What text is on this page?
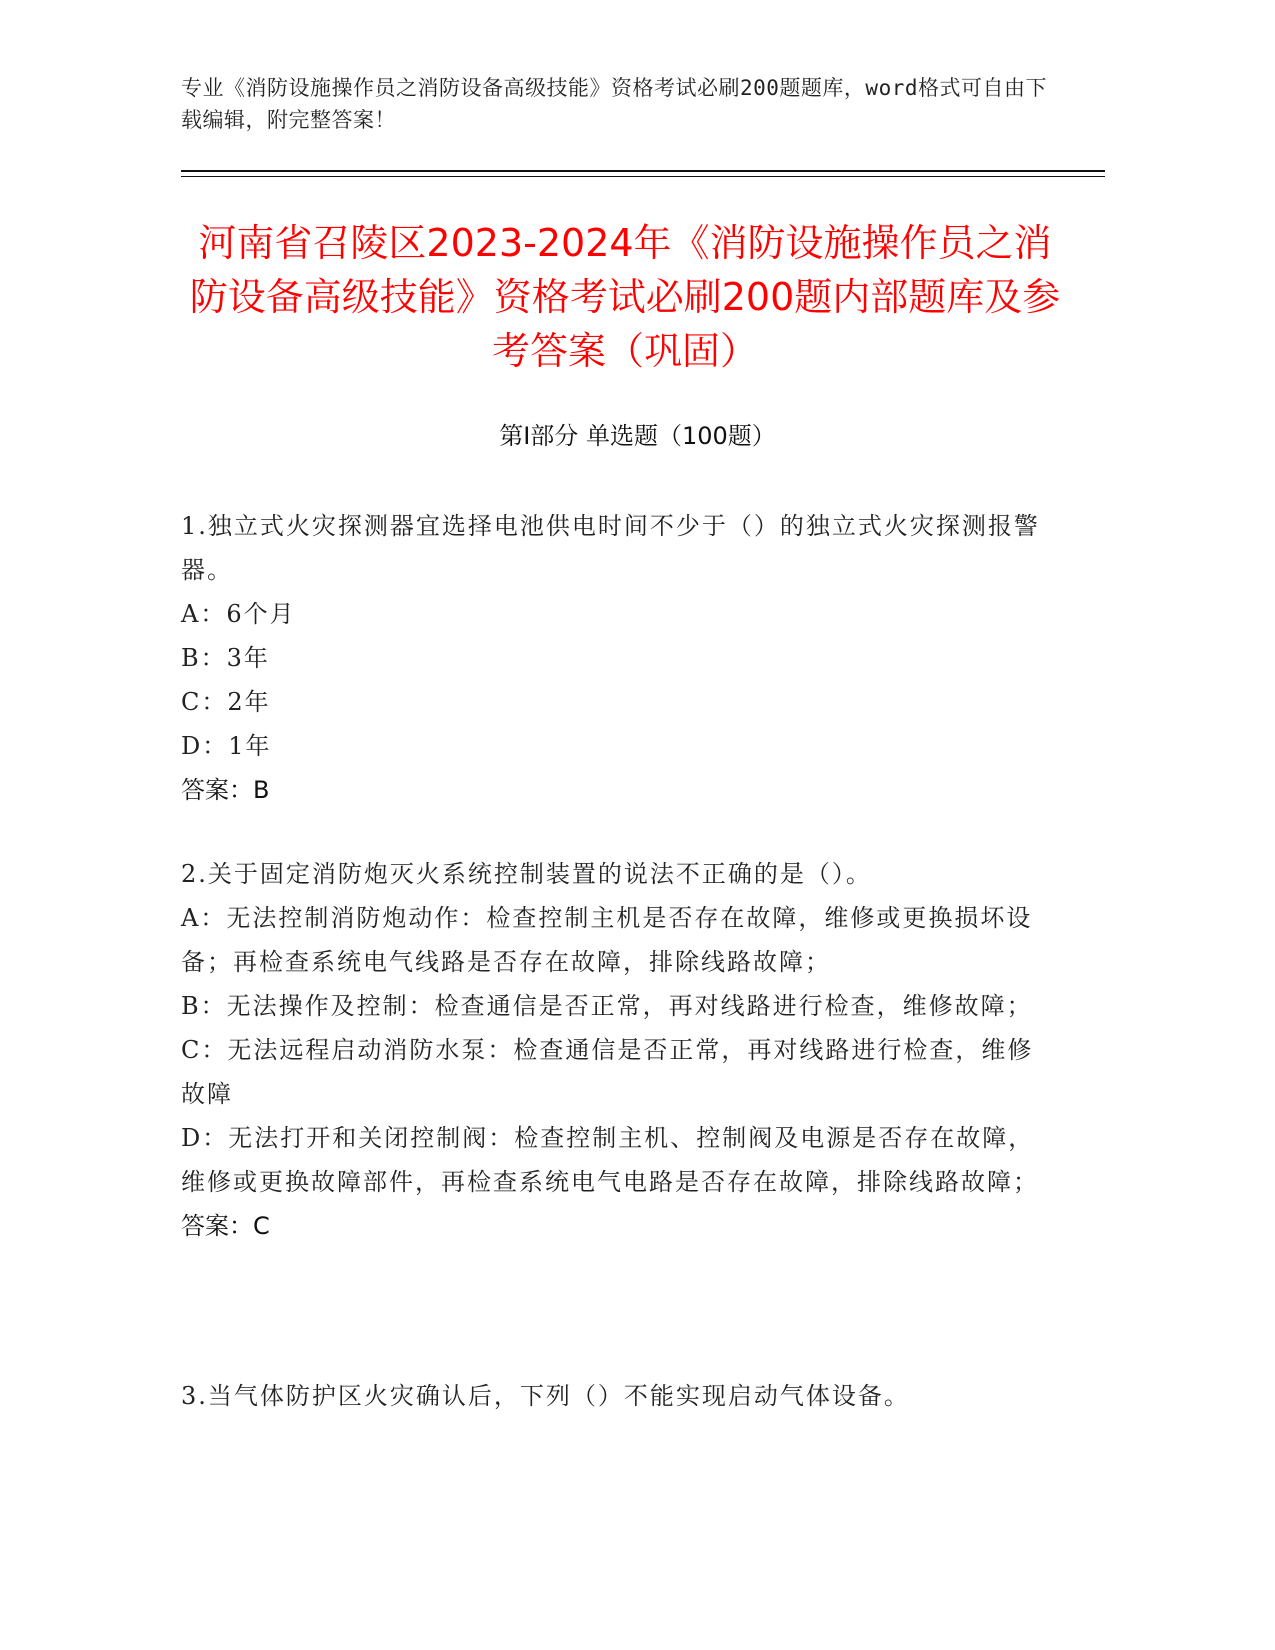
专业《消防设施操作员之消防设备高级技能》资格考试必刷200题题库，word格式可自由下载编辑，附完整答案！
河南省召陵区2023-2024年《消防设施操作员之消防设备高级技能》资格考试必刷200题内部题库及参考答案（巩固）
第Ⅰ部分 单选题（100题）

1.独立式火灾探测器宜选择电池供电时间不少于（）的独立式火灾探测报警器。

A：6个月

B：3年

C：2年

D：1年

答案：B

2.关于固定消防炮灭火系统控制装置的说法不正确的是（）。

A：无法控制消防炮动作：检查控制主机是否存在故障，维修或更换损坏设备；再检查系统电气线路是否存在故障，排除线路故障；

B：无法操作及控制：检查通信是否正常，再对线路进行检查，维修故障；

C：无法远程启动消防水泵：检查通信是否正常，再对线路进行检查，维修故障

D：无法打开和关闭控制阀：检查控制主机、控制阀及电源是否存在故障，维修或更换故障部件，再检查系统电气电路是否存在故障，排除线路故障；

答案：C

3.当气体防护区火灾确认后，下列（）不能实现启动气体设备。
